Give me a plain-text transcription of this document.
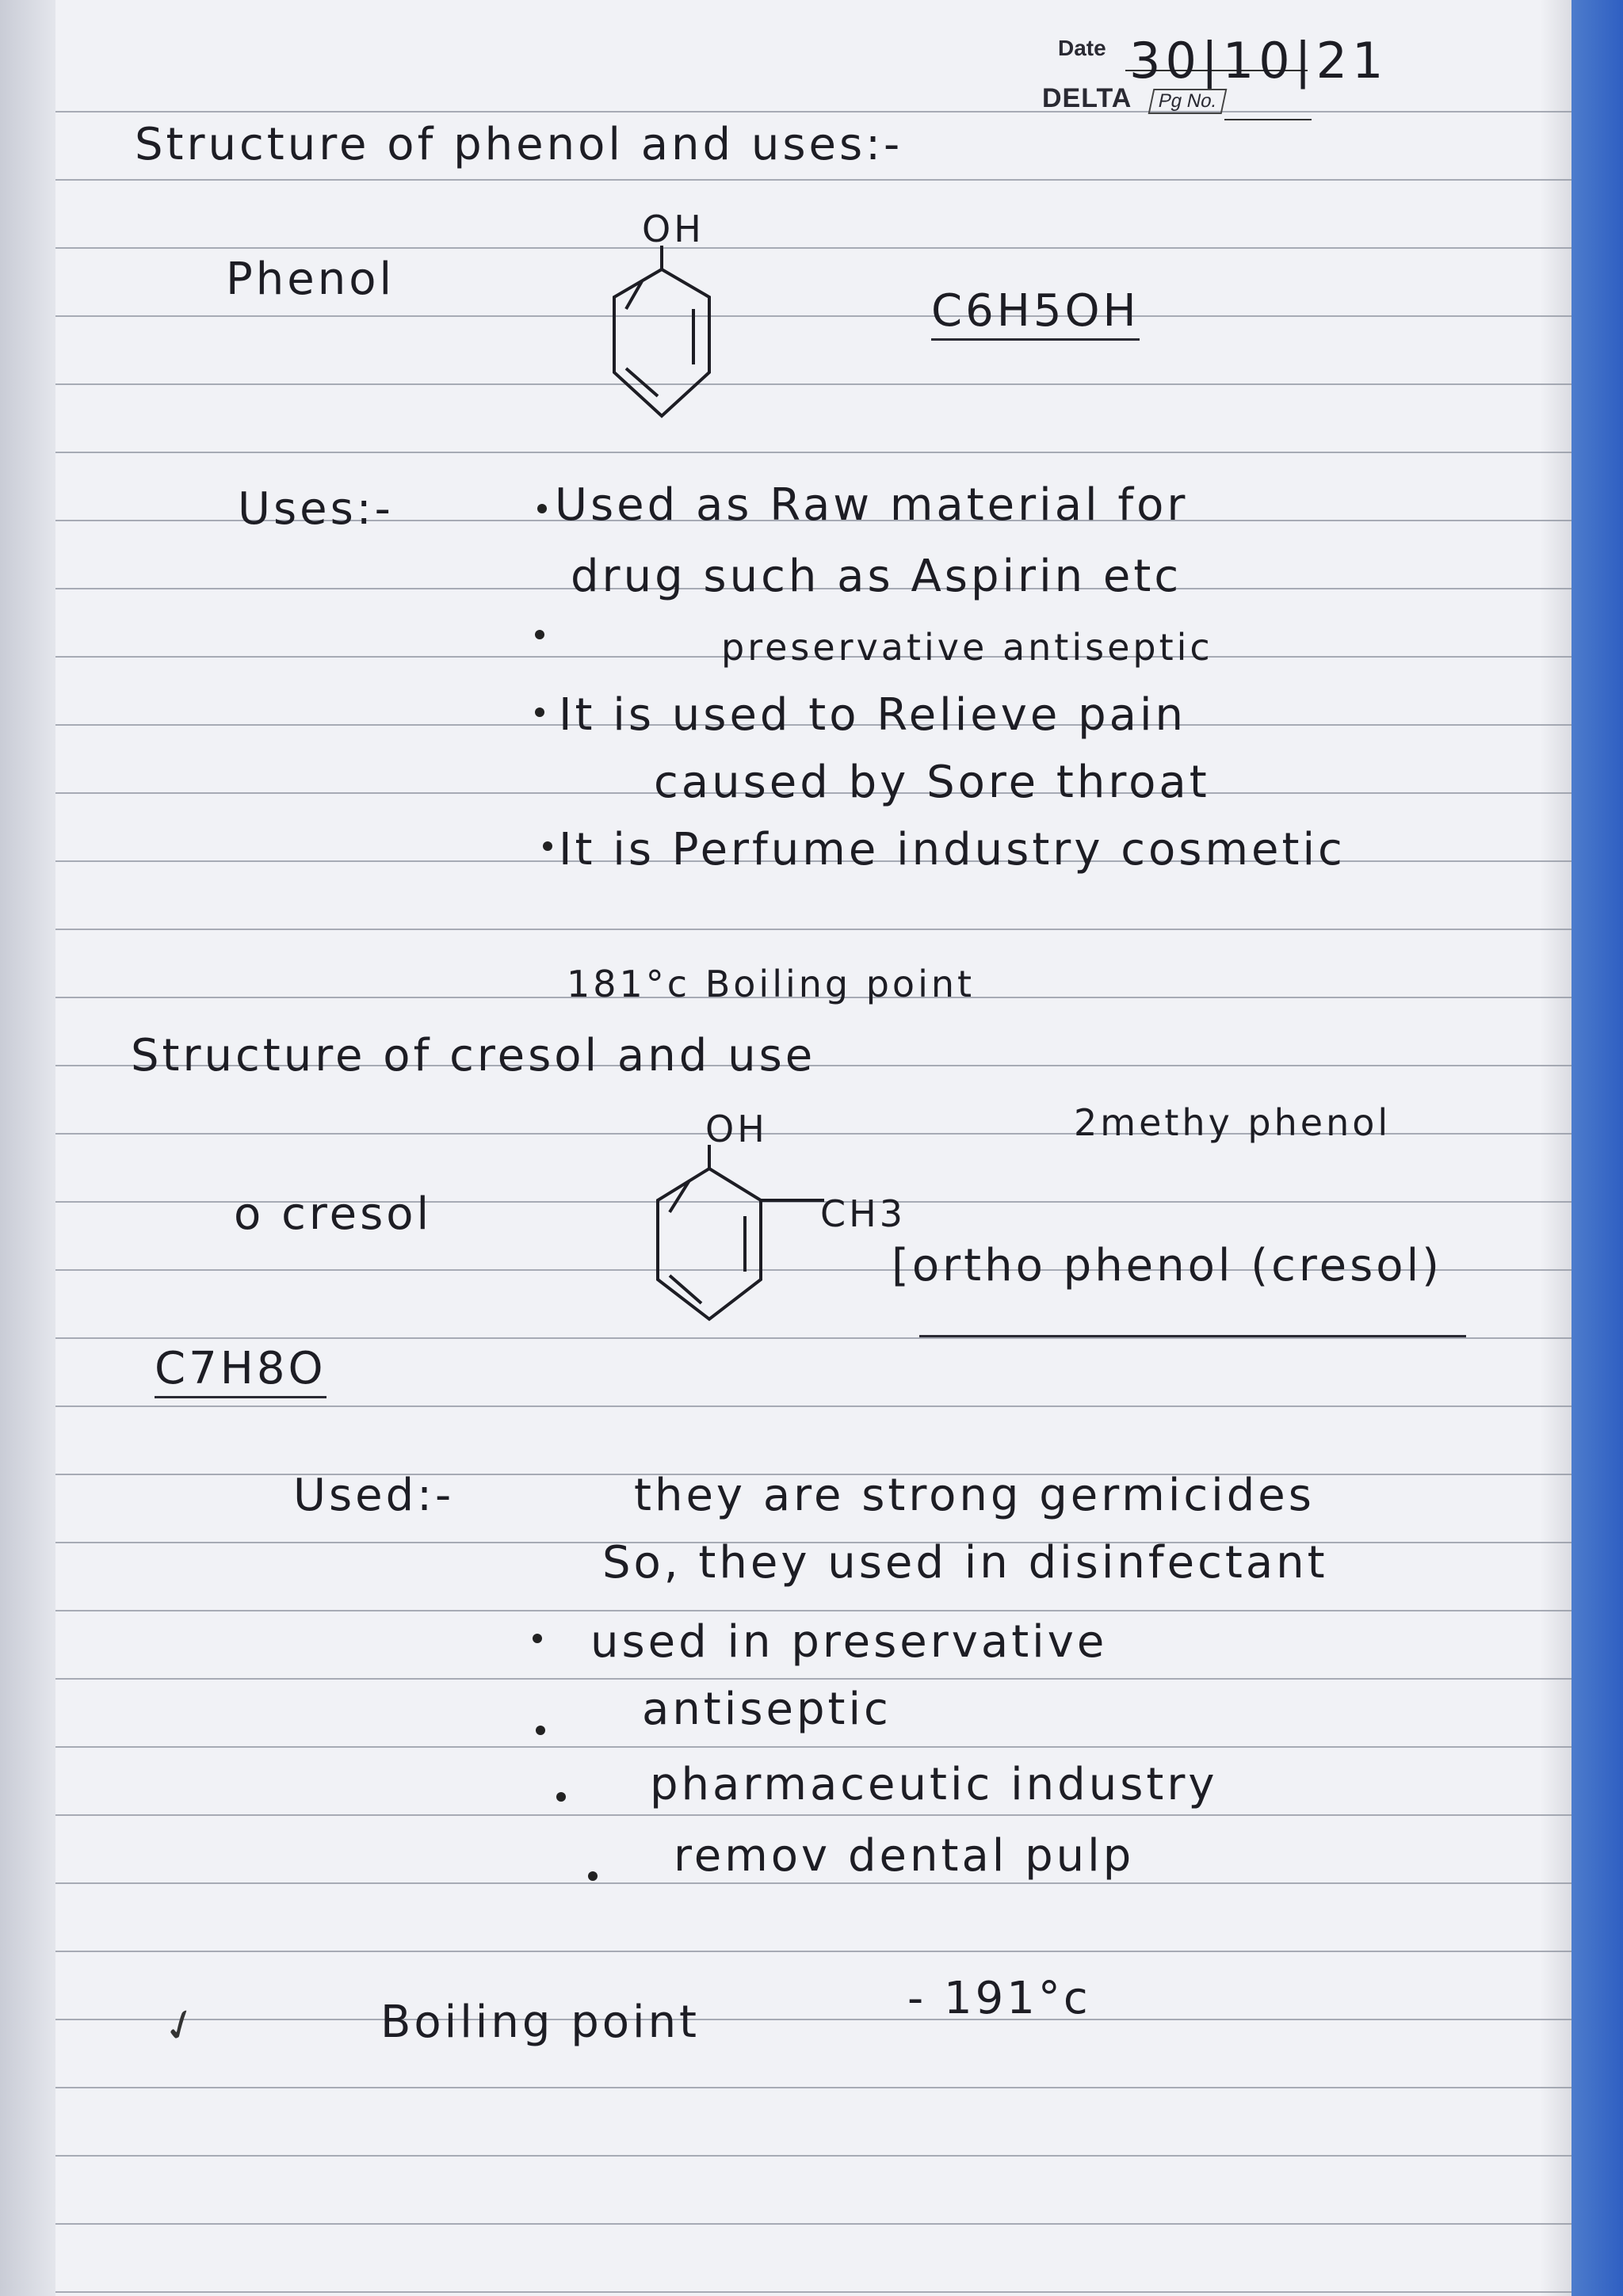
Date 30|10|21
DELTA	Pg No.
Structure of phenol and uses:-
OH
Phenol
C6H5OH
Uses:-	Used as Raw material for
drug such as Aspirin etc
preservative antiseptic
It is used to Relieve pain
caused by Sore throat
It is Perfume industry cosmetic
181°c Boiling point
Structure of cresol and use
OH	2methy phenol
o cresol	CH3
[ortho phenol (cresol)
C7H8O
Used:-	they are strong germicides
So, they used in disinfectant
used in preservative
antiseptic
pharmaceutic industry
remov dental pulp
✓	Boiling point	- 191°c
